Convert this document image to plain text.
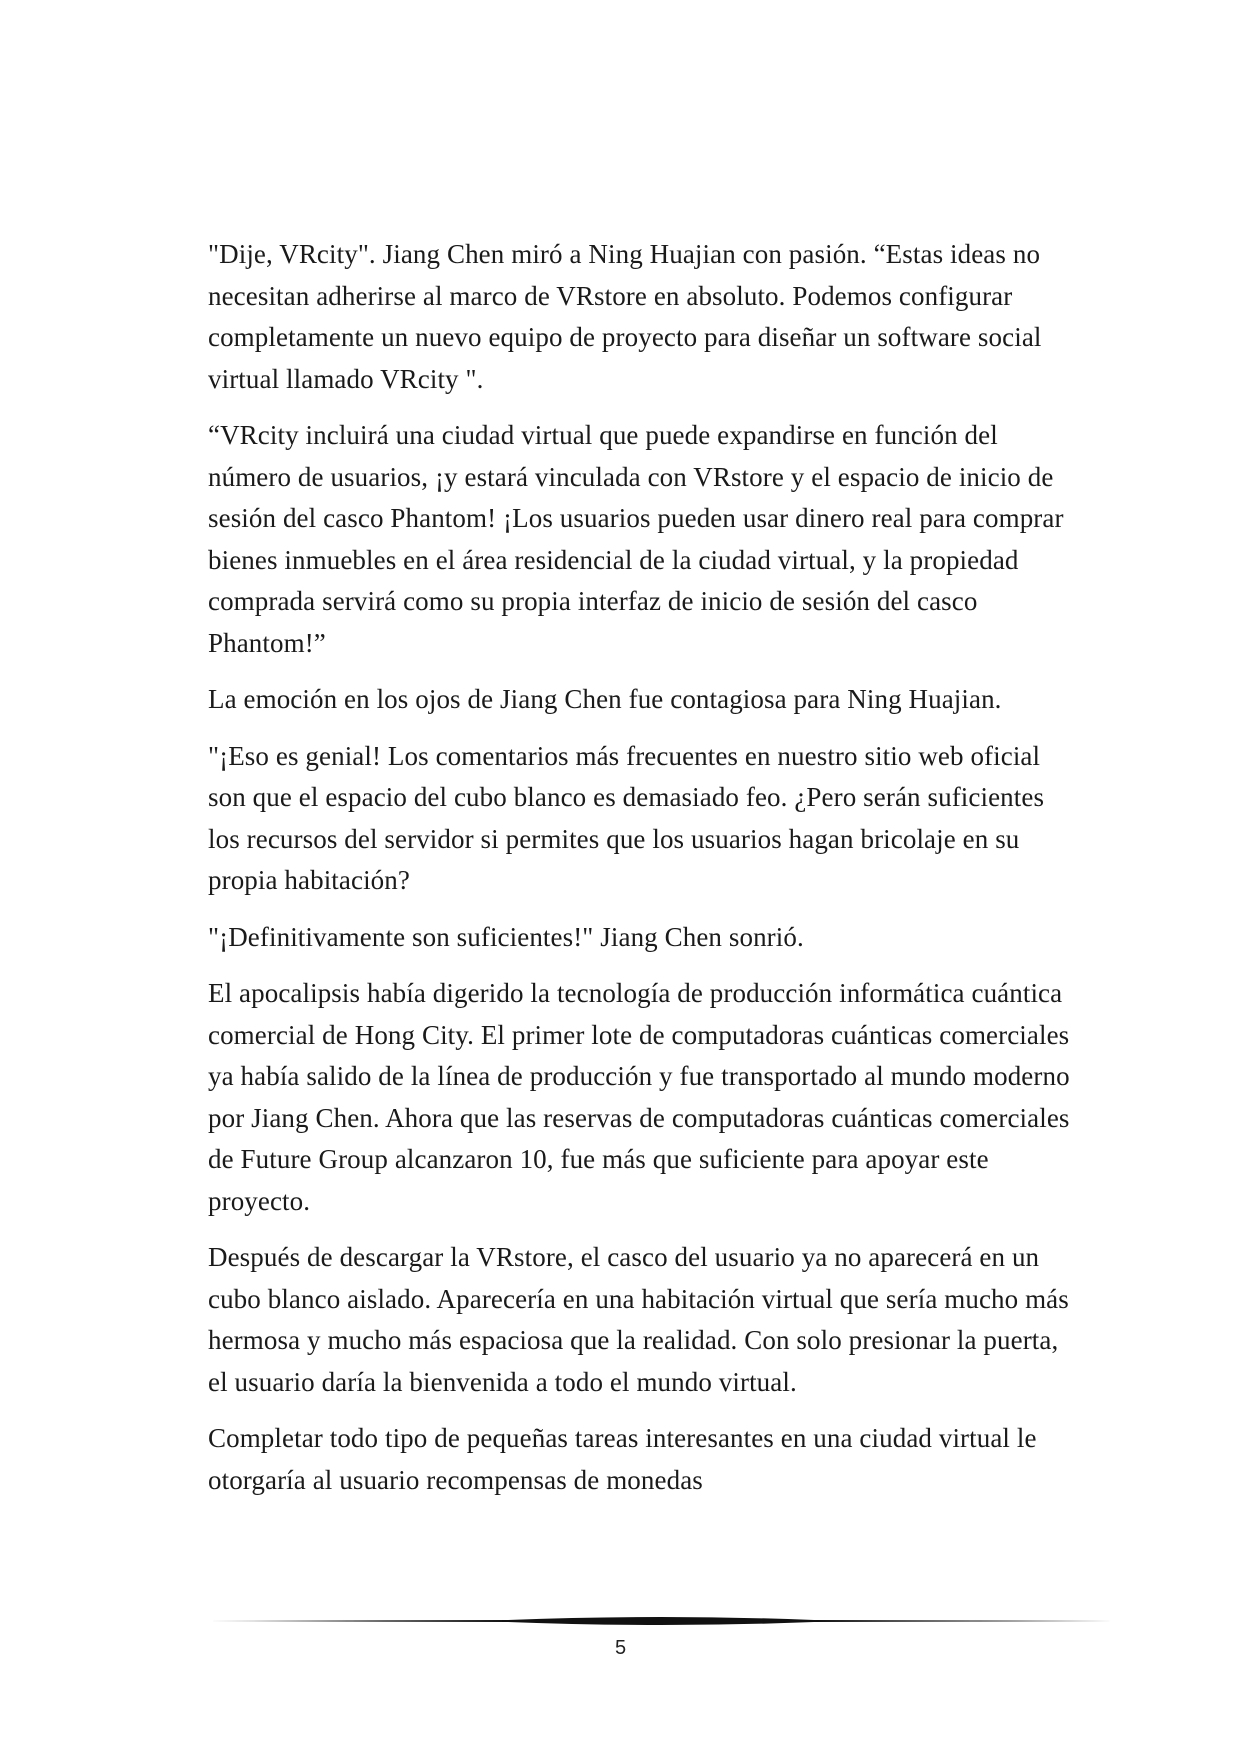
"Dije, VRcity". Jiang Chen miró a Ning Huajian con pasión. “Estas ideas no necesitan adherirse al marco de VRstore en absoluto. Podemos configurar completamente un nuevo equipo de proyecto para diseñar un software social virtual llamado VRcity ".

“VRcity incluirá una ciudad virtual que puede expandirse en función del número de usuarios, ¡y estará vinculada con VRstore y el espacio de inicio de sesión del casco Phantom! ¡Los usuarios pueden usar dinero real para comprar bienes inmuebles en el área residencial de la ciudad virtual, y la propiedad comprada servirá como su propia interfaz de inicio de sesión del casco Phantom!”

La emoción en los ojos de Jiang Chen fue contagiosa para Ning Huajian.

"¡Eso es genial! Los comentarios más frecuentes en nuestro sitio web oficial son que el espacio del cubo blanco es demasiado feo. ¿Pero serán suficientes los recursos del servidor si permites que los usuarios hagan bricolaje en su propia habitación?

"¡Definitivamente son suficientes!" Jiang Chen sonrió.

El apocalipsis había digerido la tecnología de producción informática cuántica comercial de Hong City. El primer lote de computadoras cuánticas comerciales ya había salido de la línea de producción y fue transportado al mundo moderno por Jiang Chen. Ahora que las reservas de computadoras cuánticas comerciales de Future Group alcanzaron 10, fue más que suficiente para apoyar este proyecto.

Después de descargar la VRstore, el casco del usuario ya no aparecerá en un cubo blanco aislado. Aparecería en una habitación virtual que sería mucho más hermosa y mucho más espaciosa que la realidad. Con solo presionar la puerta, el usuario daría la bienvenida a todo el mundo virtual.

Completar todo tipo de pequeñas tareas interesantes en una ciudad virtual le otorgaría al usuario recompensas de monedas

5
